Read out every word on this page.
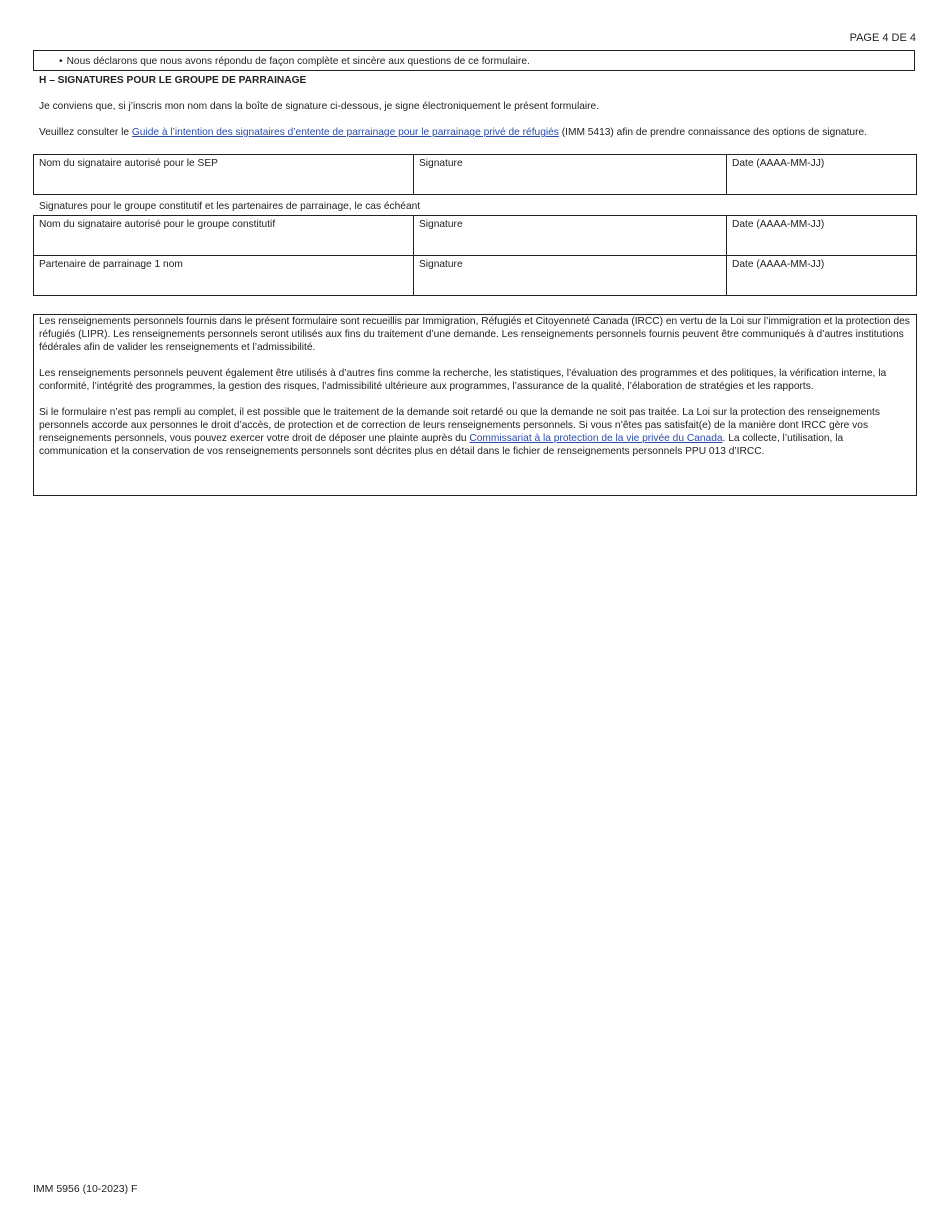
PAGE 4 DE 4
• Nous déclarons que nous avons répondu de façon complète et sincère aux questions de ce formulaire.
H – SIGNATURES POUR LE GROUPE DE PARRAINAGE
Je conviens que, si j’inscris mon nom dans la boîte de signature ci-dessous, je signe électroniquement le présent formulaire.
Veuillez consulter le Guide à l’intention des signataires d’entente de parrainage pour le parrainage privé de réfugiés (IMM 5413) afin de prendre connaissance des options de signature.
Nom du signataire autorisé pour le SEP	Signature	Date (AAAA-MM-JJ)
Signatures pour le groupe constitutif et les partenaires de parrainage, le cas échéant
Nom du signataire autorisé pour le groupe constitutif	Signature	Date (AAAA-MM-JJ)
Partenaire de parrainage 1 nom	Signature	Date (AAAA-MM-JJ)

Les renseignements personnels fournis dans le présent formulaire sont recueillis par Immigration, Réfugiés et Citoyenneté Canada (IRCC) en vertu de la Loi sur l’immigration et la protection des réfugiés (LIPR). Les renseignements personnels seront utilisés aux fins du traitement d’une demande. Les renseignements personnels fournis peuvent être communiqués à d’autres institutions fédérales afin de valider les renseignements et l’admissibilité.

Les renseignements personnels peuvent également être utilisés à d’autres fins comme la recherche, les statistiques, l’évaluation des programmes et des politiques, la vérification interne, la conformité, l’intégrité des programmes, la gestion des risques, l’admissibilité ultérieure aux programmes, l’assurance de la qualité, l’élaboration de stratégies et les rapports.

Si le formulaire n’est pas rempli au complet, il est possible que le traitement de la demande soit retardé ou que la demande ne soit pas traitée. La Loi sur la protection des renseignements personnels accorde aux personnes le droit d’accès, de protection et de correction de leurs renseignements personnels. Si vous n’êtes pas satisfait(e) de la manière dont IRCC gère vos renseignements personnels, vous pouvez exercer votre droit de déposer une plainte auprès du Commissariat à la protection de la vie privée du Canada. La collecte, l’utilisation, la communication et la conservation de vos renseignements personnels sont décrites plus en détail dans le fichier de renseignements personnels PPU 013 d’IRCC.

IMM 5956 (10-2023) F
